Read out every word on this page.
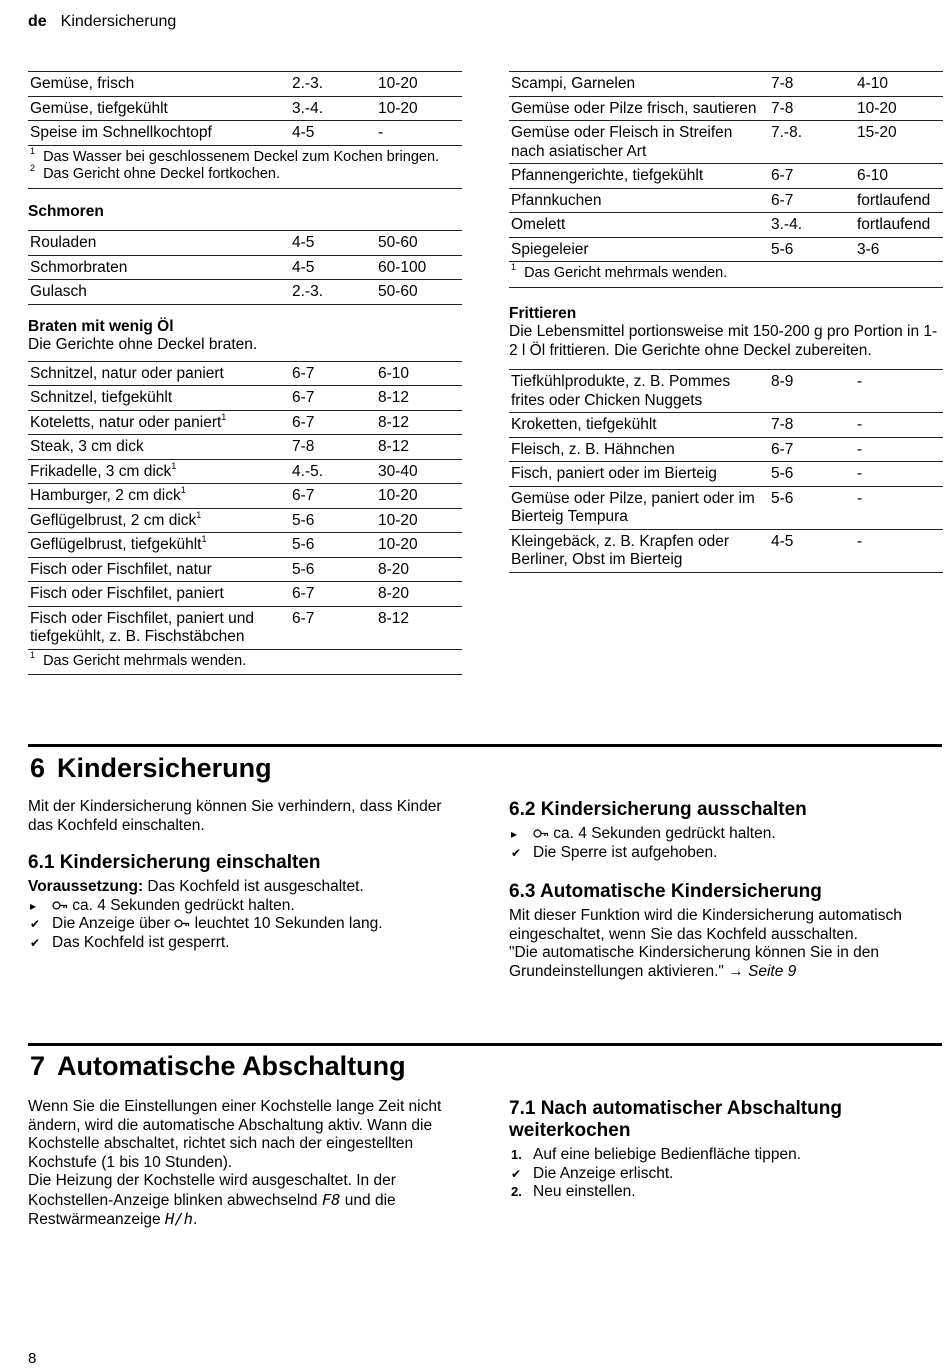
de Kindersicherung
Gemüse, frisch	2.-3.	10-20
Gemüse, tiefgekühlt	3.-4.	10-20
Speise im Schnellkochtopf	4-5	-
$^1$ Das Wasser bei geschlossenem Deckel zum Kochen bringen.
$^2$ Das Gericht ohne Deckel fortkochen.
Schmoren
Rouladen	4-5	50-60
Schmorbraten	4-5	60-100
Gulasch	2.-3.	50-60
Braten mit wenig Öl
Die Gerichte ohne Deckel braten.
Schnitzel, natur oder paniert	6-7	6-10
Schnitzel, tiefgekühlt	6-7	8-12
Koteletts, natur oder paniert$^1$	6-7	8-12
Steak, 3 cm dick	7-8	8-12
Frikadelle, 3 cm dick$^1$	4.-5.	30-40
Hamburger, 2 cm dick$^1$	6-7	10-20
Geflügelbrust, 2 cm dick$^1$	5-6	10-20
Geflügelbrust, tiefgekühlt$^1$	5-6	10-20
Fisch oder Fischfilet, natur	5-6	8-20
Fisch oder Fischfilet, paniert	6-7	8-20
Fisch oder Fischfilet, paniert und tiefgekühlt, z. B. Fischstäbchen	6-7	8-12
$^1$ Das Gericht mehrmals wenden.
Scampi, Garnelen	7-8	4-10
Gemüse oder Pilze frisch, sautieren	7-8	10-20
Gemüse oder Fleisch in Streifen nach asiatischer Art	7.-8.	15-20
Pfannengerichte, tiefgekühlt	6-7	6-10
Pfannkuchen	6-7	fortlaufend
Omelett	3.-4.	fortlaufend
Spiegeleier	5-6	3-6
$^1$ Das Gericht mehrmals wenden.
Frittieren
Die Lebensmittel portionsweise mit 150-200 g pro Portion in 1-2 l Öl frittieren. Die Gerichte ohne Deckel zubereiten.
Tiefkühlprodukte, z. B. Pommes frites oder Chicken Nuggets	8-9	-
Kroketten, tiefgekühlt	7-8	-
Fleisch, z. B. Hähnchen	6-7	-
Fisch, paniert oder im Bierteig	5-6	-
Gemüse oder Pilze, paniert oder im Bierteig Tempura	5-6	-
Kleingebäck, z. B. Krapfen oder Berliner, Obst im Bierteig	4-5	-
6 Kindersicherung

Mit der Kindersicherung können Sie verhindern, dass Kinder das Kochfeld einschalten.

6.1 Kindersicherung einschalten
Voraussetzung: Das Kochfeld ist ausgeschaltet.
▸ ca. 4 Sekunden gedrückt halten.
✔ Die Anzeige über  leuchtet 10 Sekunden lang.
✔ Das Kochfeld ist gesperrt.
6.2 Kindersicherung ausschalten
▸ ca. 4 Sekunden gedrückt halten.
✔ Die Sperre ist aufgehoben.
6.3 Automatische Kindersicherung

Mit dieser Funktion wird die Kindersicherung automatisch eingeschaltet, wenn Sie das Kochfeld ausschalten.

"Die automatische Kindersicherung können Sie in den Grundeinstellungen aktivieren." → Seite 9

7 Automatische Abschaltung

Wenn Sie die Einstellungen einer Kochstelle lange Zeit nicht ändern, wird die automatische Abschaltung aktiv. Wann die Kochstelle abschaltet, richtet sich nach der eingestellten Kochstufe (1 bis 10 Stunden).

Die Heizung der Kochstelle wird ausgeschaltet. In der Kochstellen-Anzeige blinken abwechselnd F8 und die Restwärmeanzeige H/h.

7.1 Nach automatischer Abschaltung weiterkochen
1. Auf eine beliebige Bedienfläche tippen.
✔ Die Anzeige erlischt.
2. Neu einstellen.
8
